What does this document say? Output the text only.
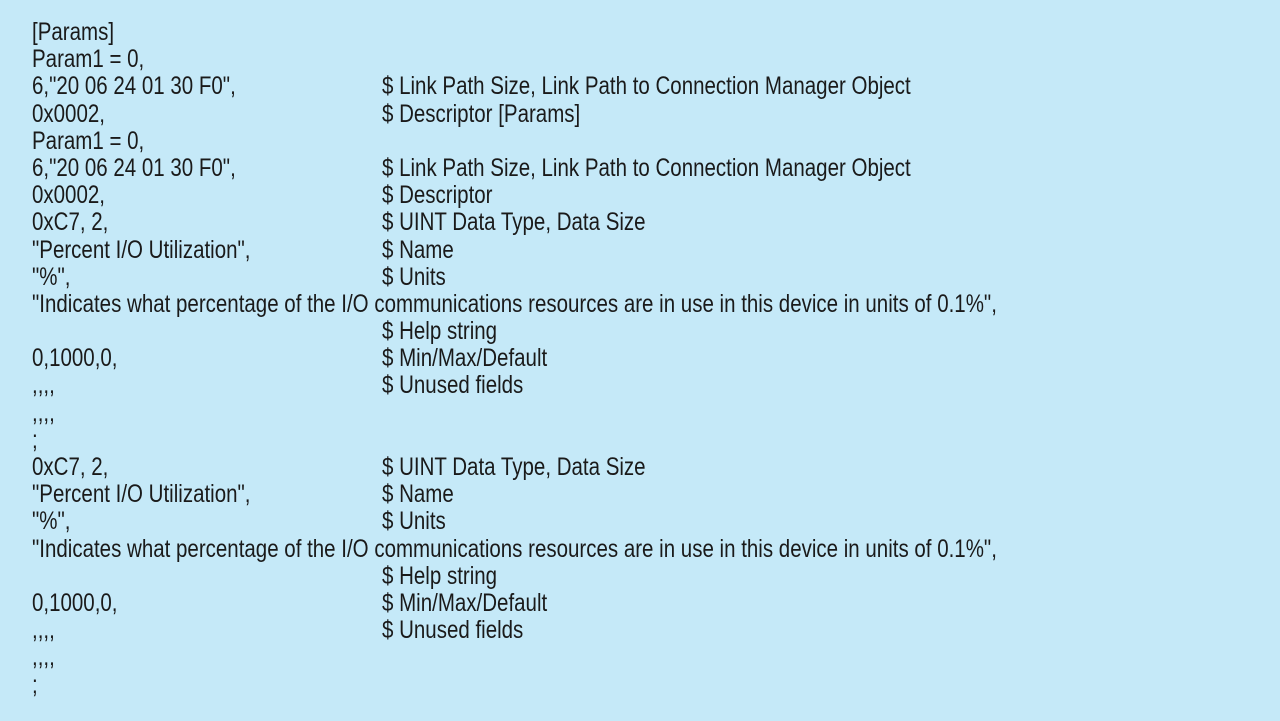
[Params]
Param1 = 0,
6,"20 06 24 01 30 F0",	$ Link Path Size, Link Path to Connection Manager Object
0x0002,	$ Descriptor [Params]
Param1 = 0,
6,"20 06 24 01 30 F0",	$ Link Path Size, Link Path to Connection Manager Object
0x0002,	$ Descriptor
0xC7, 2,	$ UINT Data Type, Data Size
"Percent I/O Utilization",	$ Name
"%",	$ Units
"Indicates what percentage of the I/O communications resources are in use in this device in units of 0.1%",
$ Help string
0,1000,0,	$ Min/Max/Default
,,,,	$ Unused fields
,,,,
;
0xC7, 2,	$ UINT Data Type, Data Size
"Percent I/O Utilization",	$ Name
"%",	$ Units
"Indicates what percentage of the I/O communications resources are in use in this device in units of 0.1%",
$ Help string
0,1000,0,	$ Min/Max/Default
,,,,	$ Unused fields
,,,,
;
